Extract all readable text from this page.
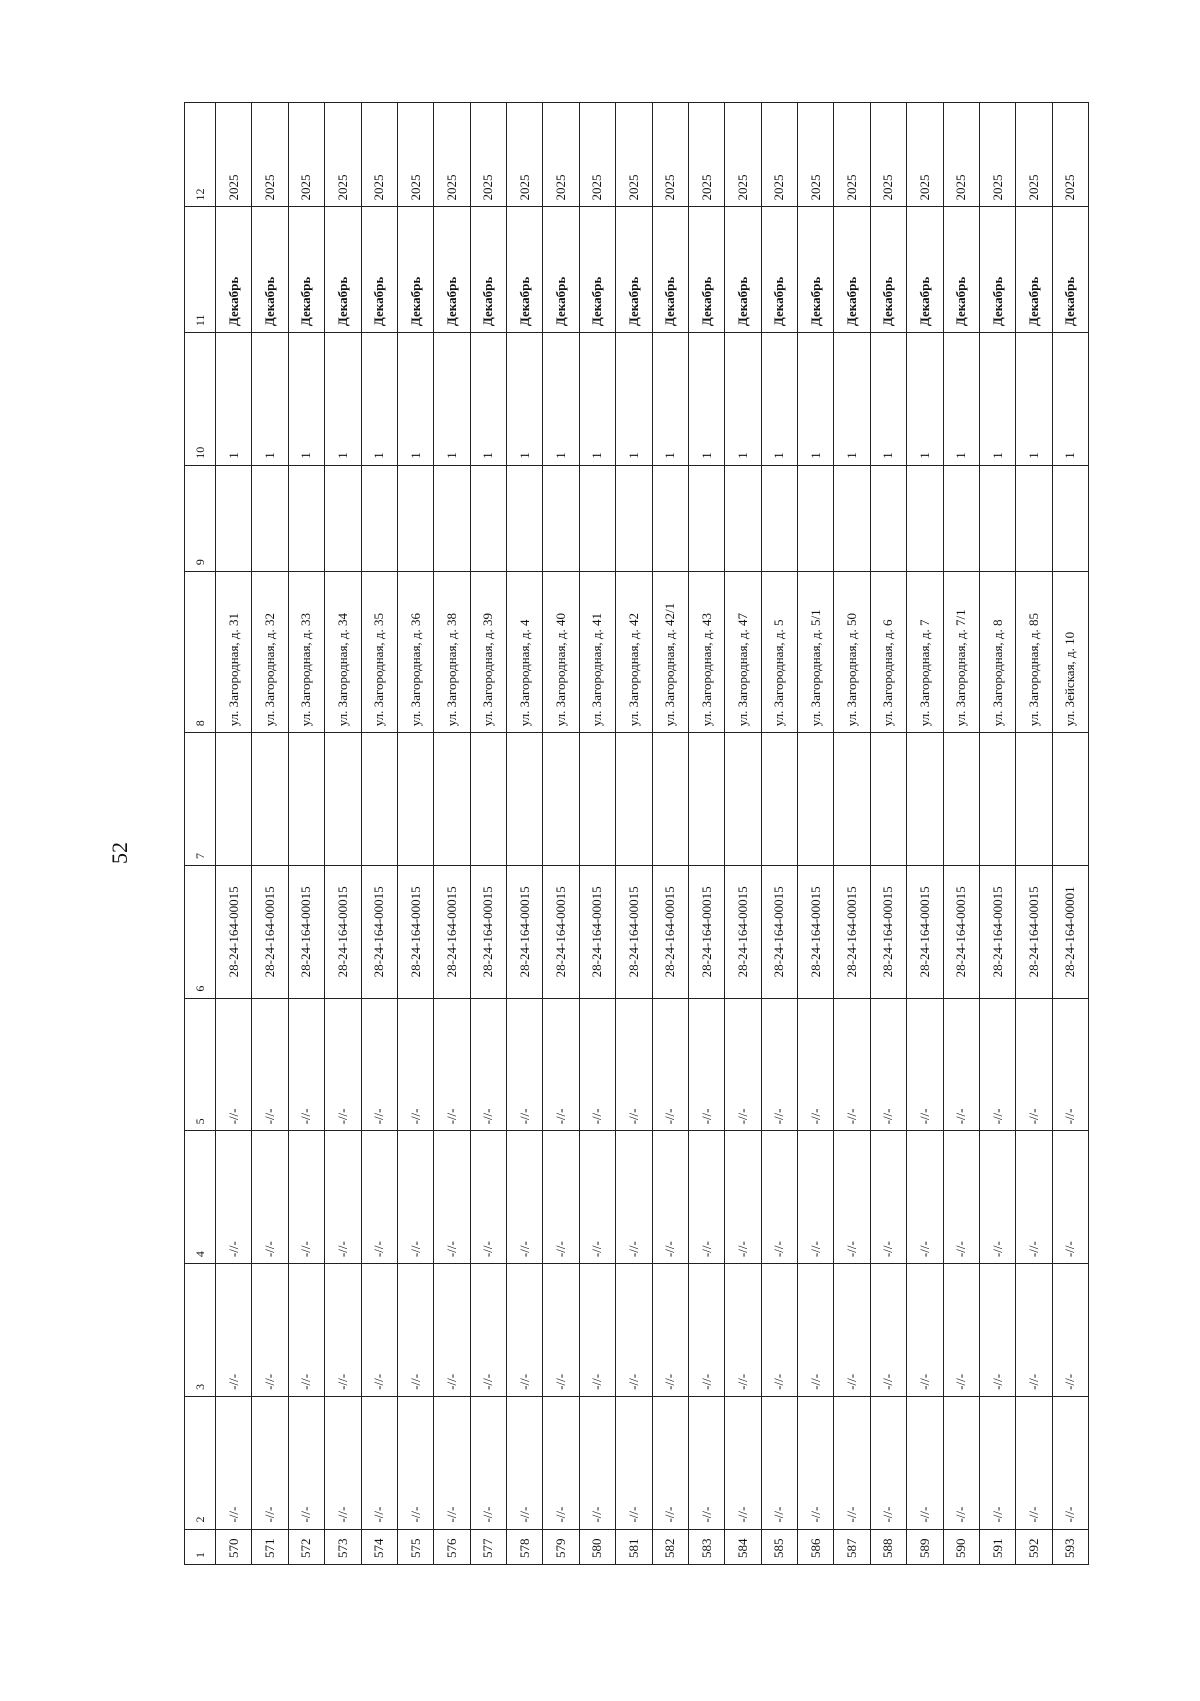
52
1	2	3	4	5	6	7	8	9	10	11	12
570	-//-	-//-	-//-	-//-	28-24-164-00015		ул. Загородная, д. 31		1	Декабрь	2025
571	-//-	-//-	-//-	-//-	28-24-164-00015		ул. Загородная, д. 32		1	Декабрь	2025
572	-//-	-//-	-//-	-//-	28-24-164-00015		ул. Загородная, д. 33		1	Декабрь	2025
573	-//-	-//-	-//-	-//-	28-24-164-00015		ул. Загородная, д. 34		1	Декабрь	2025
574	-//-	-//-	-//-	-//-	28-24-164-00015		ул. Загородная, д. 35		1	Декабрь	2025
575	-//-	-//-	-//-	-//-	28-24-164-00015		ул. Загородная, д. 36		1	Декабрь	2025
576	-//-	-//-	-//-	-//-	28-24-164-00015		ул. Загородная, д. 38		1	Декабрь	2025
577	-//-	-//-	-//-	-//-	28-24-164-00015		ул. Загородная, д. 39		1	Декабрь	2025
578	-//-	-//-	-//-	-//-	28-24-164-00015		ул. Загородная, д. 4		1	Декабрь	2025
579	-//-	-//-	-//-	-//-	28-24-164-00015		ул. Загородная, д. 40		1	Декабрь	2025
580	-//-	-//-	-//-	-//-	28-24-164-00015		ул. Загородная, д. 41		1	Декабрь	2025
581	-//-	-//-	-//-	-//-	28-24-164-00015		ул. Загородная, д. 42		1	Декабрь	2025
582	-//-	-//-	-//-	-//-	28-24-164-00015		ул. Загородная, д. 42/1		1	Декабрь	2025
583	-//-	-//-	-//-	-//-	28-24-164-00015		ул. Загородная, д. 43		1	Декабрь	2025
584	-//-	-//-	-//-	-//-	28-24-164-00015		ул. Загородная, д. 47		1	Декабрь	2025
585	-//-	-//-	-//-	-//-	28-24-164-00015		ул. Загородная, д. 5		1	Декабрь	2025
586	-//-	-//-	-//-	-//-	28-24-164-00015		ул. Загородная, д. 5/1		1	Декабрь	2025
587	-//-	-//-	-//-	-//-	28-24-164-00015		ул. Загородная, д. 50		1	Декабрь	2025
588	-//-	-//-	-//-	-//-	28-24-164-00015		ул. Загородная, д. 6		1	Декабрь	2025
589	-//-	-//-	-//-	-//-	28-24-164-00015		ул. Загородная, д. 7		1	Декабрь	2025
590	-//-	-//-	-//-	-//-	28-24-164-00015		ул. Загородная, д. 7/1		1	Декабрь	2025
591	-//-	-//-	-//-	-//-	28-24-164-00015		ул. Загородная, д. 8		1	Декабрь	2025
592	-//-	-//-	-//-	-//-	28-24-164-00015		ул. Загородная, д. 85		1	Декабрь	2025
593	-//-	-//-	-//-	-//-	28-24-164-00001		ул. Зейская, д. 10		1	Декабрь	2025
